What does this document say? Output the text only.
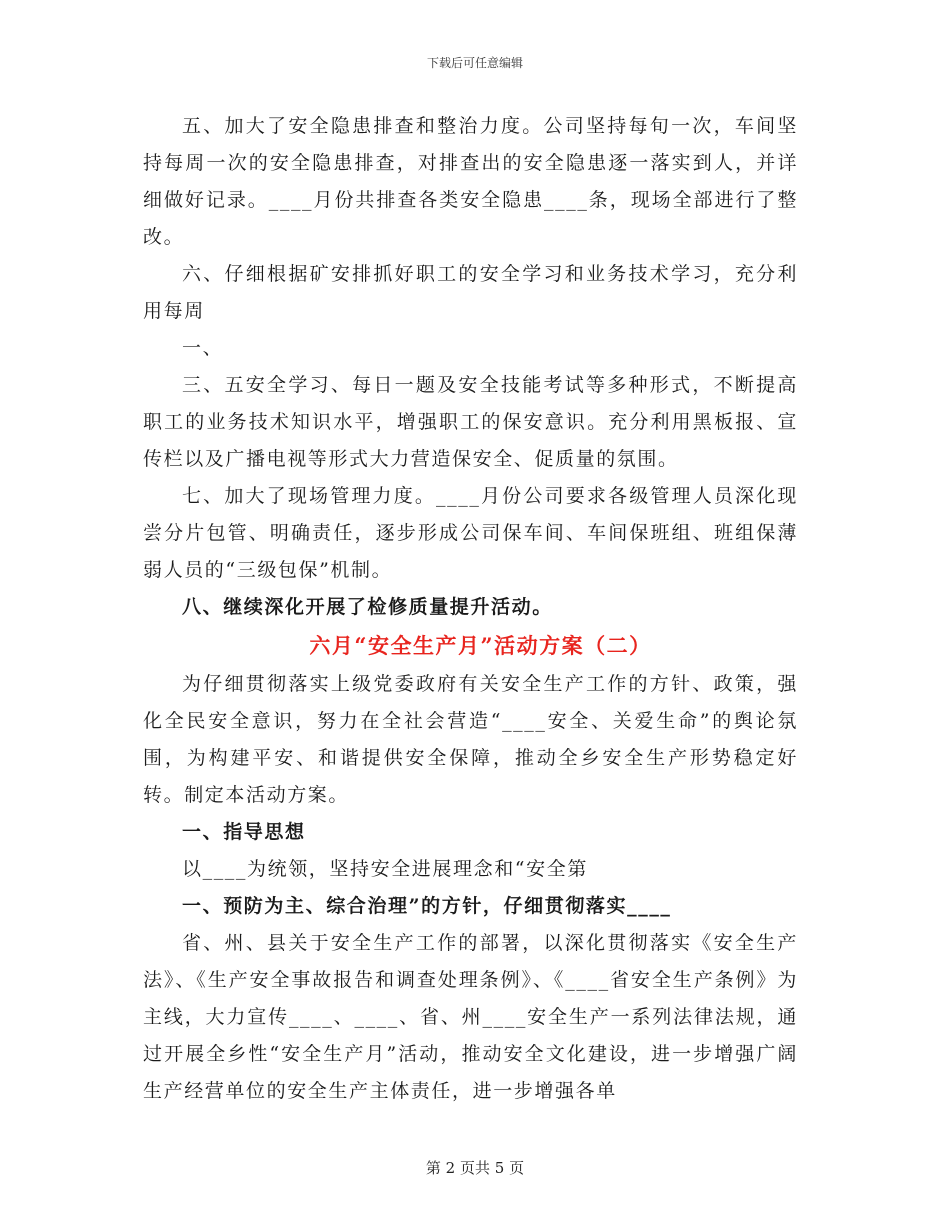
下载后可任意编辑

五、加大了安全隐患排查和整治力度。公司坚持每旬一次，车间坚持每周一次的安全隐患排查，对排查出的安全隐患逐一落实到人，并详细做好记录。____月份共排查各类安全隐患____条，现场全部进行了整改。

六、仔细根据矿安排抓好职工的安全学习和业务技术学习，充分利用每周

一、

三、五安全学习、每日一题及安全技能考试等多种形式，不断提高职工的业务技术知识水平，增强职工的保安意识。充分利用黑板报、宣传栏以及广播电视等形式大力营造保安全、促质量的氛围。

七、加大了现场管理力度。____月份公司要求各级管理人员深化现尝分片包管、明确责任，逐步形成公司保车间、车间保班组、班组保薄弱人员的“三级包保”机制。

八、继续深化开展了检修质量提升活动。

六月“安全生产月”活动方案（二）

为仔细贯彻落实上级党委政府有关安全生产工作的方针、政策，强化全民安全意识，努力在全社会营造“____安全、关爱生命”的舆论氛围，为构建平安、和谐提供安全保障，推动全乡安全生产形势稳定好转。制定本活动方案。

一、指导思想

以____为统领，坚持安全进展理念和“安全第

一、预防为主、综合治理”的方针，仔细贯彻落实____

省、州、县关于安全生产工作的部署，以深化贯彻落实《安全生产法》、《生产安全事故报告和调查处理条例》、《____省安全生产条例》为主线，大力宣传____、____、省、州____安全生产一系列法律法规，通过开展全乡性“安全生产月”活动，推动安全文化建设，进一步增强广阔生产经营单位的安全生产主体责任，进一步增强各单

第 2 页共 5 页
